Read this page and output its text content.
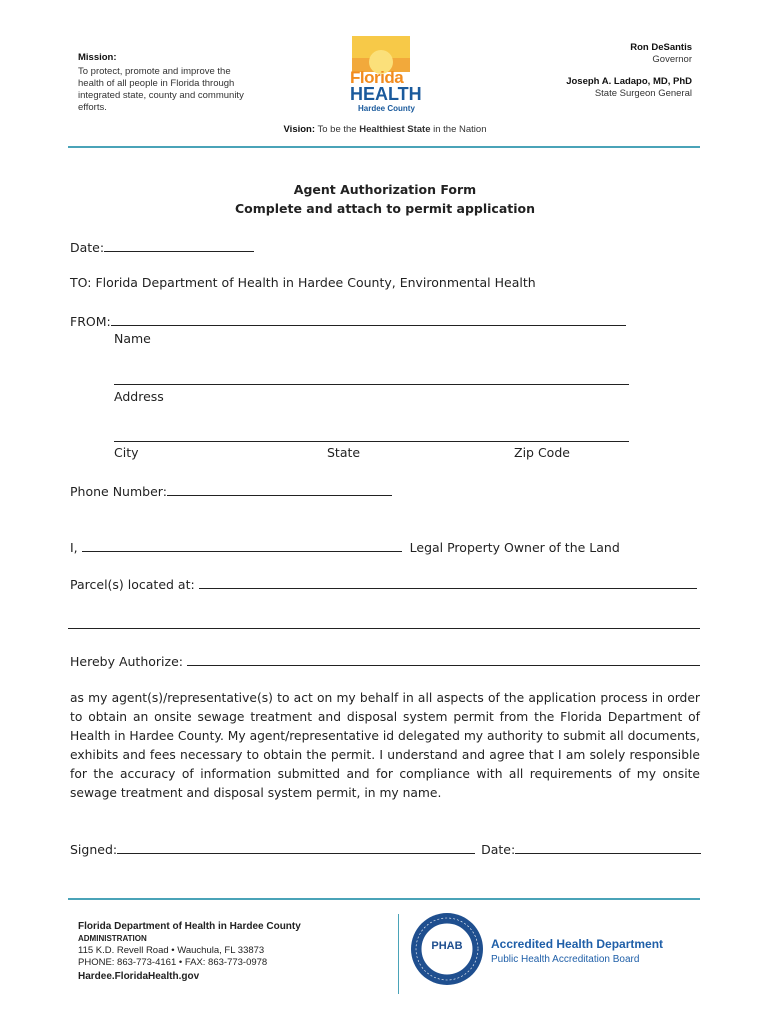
Mission:
To protect, promote and improve the health of all people in Florida through integrated state, county and community efforts.
Florida
HEALTH
Hardee County
Ron DeSantis
Governor
Joseph A. Ladapo, MD, PhD
State Surgeon General
Vision: To be the Healthiest State in the Nation
Agent Authorization Form
Complete and attach to permit application
Date:
TO: Florida Department of Health in Hardee County, Environmental Health
FROM:
Name
Address
City	State	Zip Code
Phone Number:
I,	Legal Property Owner of the Land
Parcel(s) located at:
Hereby Authorize:
as my agent(s)/representative(s) to act on my behalf in all aspects of the application process in order to obtain an onsite sewage treatment and disposal system permit from the Florida Department of Health in Hardee County. My agent/representative id delegated my authority to submit all documents, exhibits and fees necessary to obtain the permit. I understand and agree that I am solely responsible for the accuracy of information submitted and for compliance with all requirements of my onsite sewage treatment and disposal system permit, in my name.
Signed:	Date:
Florida Department of Health in Hardee County
ADMINISTRATION
115 K.D. Revell Road • Wauchula, FL 33873
PHONE: 863-773-4161 • FAX: 863-773-0978
Hardee.FloridaHealth.gov
PHAB	Accredited Health Department
Public Health Accreditation Board
